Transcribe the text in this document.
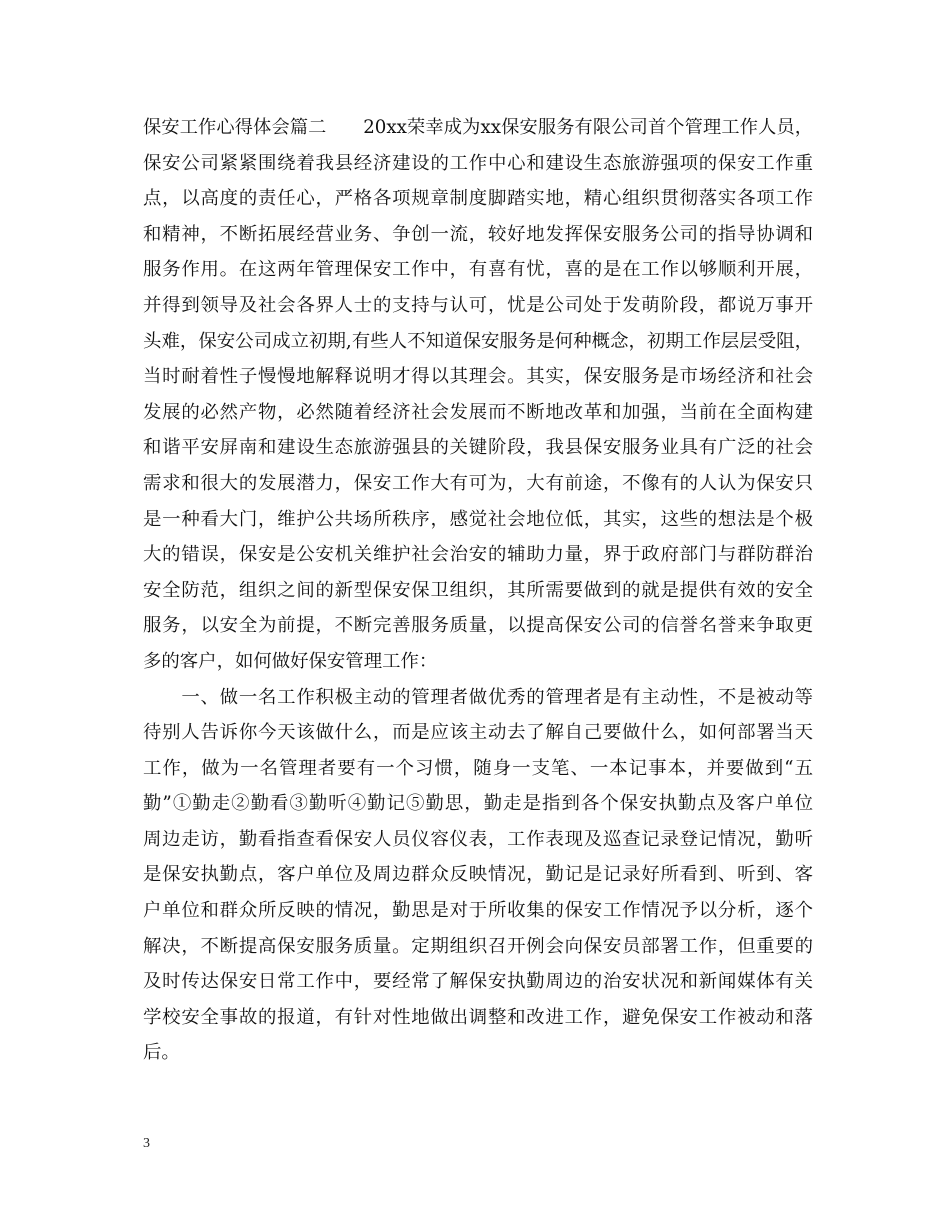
保安工作心得体会篇二　　20xx荣幸成为xx保安服务有限公司首个管理工作人员，
保安公司紧紧围绕着我县经济建设的工作中心和建设生态旅游强项的保安工作重
点，以高度的责任心，严格各项规章制度脚踏实地，精心组织贯彻落实各项工作
和精神，不断拓展经营业务、争创一流，较好地发挥保安服务公司的指导协调和
服务作用。在这两年管理保安工作中，有喜有忧，喜的是在工作以够顺利开展，
并得到领导及社会各界人士的支持与认可，忧是公司处于发萌阶段，都说万事开
头难，保安公司成立初期,有些人不知道保安服务是何种概念，初期工作层层受阻，
当时耐着性子慢慢地解释说明才得以其理会。其实，保安服务是市场经济和社会
发展的必然产物，必然随着经济社会发展而不断地改革和加强，当前在全面构建
和谐平安屏南和建设生态旅游强县的关键阶段，我县保安服务业具有广泛的社会
需求和很大的发展潜力，保安工作大有可为，大有前途，不像有的人认为保安只
是一种看大门，维护公共场所秩序，感觉社会地位低，其实，这些的想法是个极
大的错误，保安是公安机关维护社会治安的辅助力量，界于政府部门与群防群治
安全防范，组织之间的新型保安保卫组织，其所需要做到的就是提供有效的安全
服务，以安全为前提，不断完善服务质量，以提高保安公司的信誉名誉来争取更
多的客户，如何做好保安管理工作：
　　一、做一名工作积极主动的管理者做优秀的管理者是有主动性，不是被动等
待别人告诉你今天该做什么，而是应该主动去了解自己要做什么，如何部署当天
工作，做为一名管理者要有一个习惯，随身一支笔、一本记事本，并要做到“五
勤”①勤走②勤看③勤听④勤记⑤勤思，勤走是指到各个保安执勤点及客户单位
周边走访，勤看指查看保安人员仪容仪表，工作表现及巡查记录登记情况，勤听
是保安执勤点，客户单位及周边群众反映情况，勤记是记录好所看到、听到、客
户单位和群众所反映的情况，勤思是对于所收集的保安工作情况予以分析，逐个
解决，不断提高保安服务质量。定期组织召开例会向保安员部署工作，但重要的
及时传达保安日常工作中，要经常了解保安执勤周边的治安状况和新闻媒体有关
学校安全事故的报道，有针对性地做出调整和改进工作，避免保安工作被动和落
后。
3
